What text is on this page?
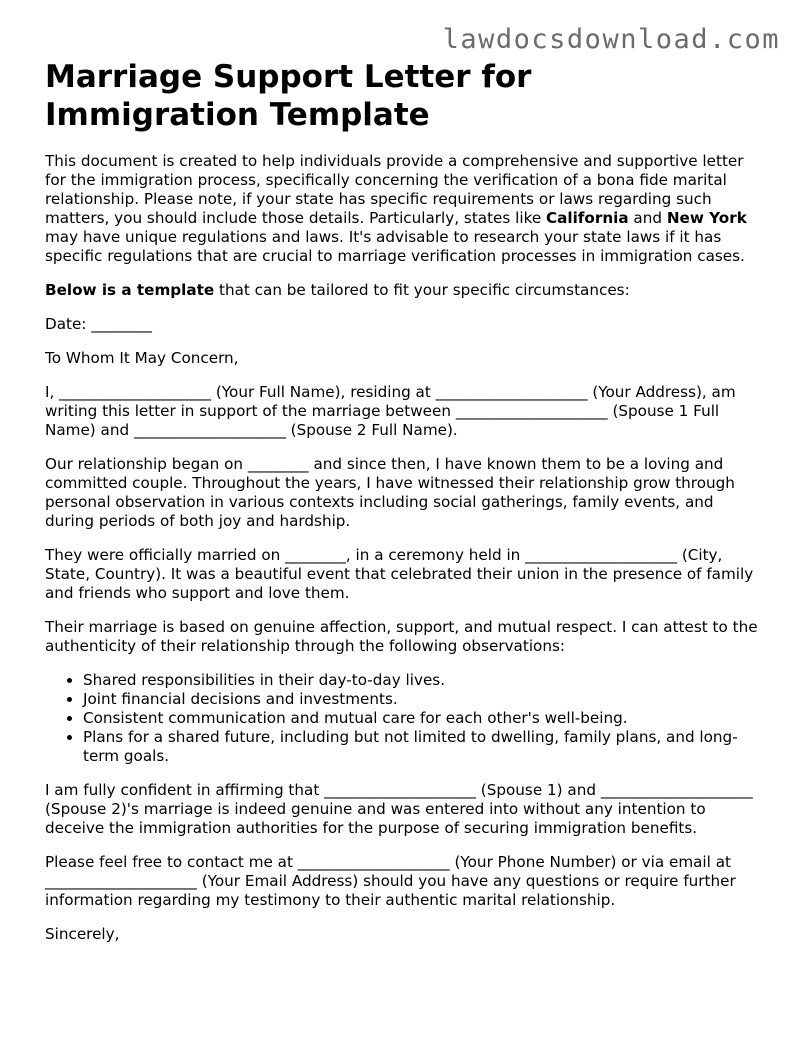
lawdocsdownload.com
Marriage Support Letter for Immigration Template

This document is created to help individuals provide a comprehensive and supportive letter for the immigration process, specifically concerning the verification of a bona fide marital relationship. Please note, if your state has specific requirements or laws regarding such matters, you should include those details. Particularly, states like California and New York may have unique regulations and laws. It's advisable to research your state laws if it has specific regulations that are crucial to marriage verification processes in immigration cases.

Below is a template that can be tailored to fit your specific circumstances:

Date: ________

To Whom It May Concern,

I, ____________________ (Your Full Name), residing at ____________________ (Your Address), am writing this letter in support of the marriage between ____________________ (Spouse 1 Full Name) and ____________________ (Spouse 2 Full Name).

Our relationship began on ________ and since then, I have known them to be a loving and committed couple. Throughout the years, I have witnessed their relationship grow through personal observation in various contexts including social gatherings, family events, and during periods of both joy and hardship.

They were officially married on ________, in a ceremony held in ____________________ (City, State, Country). It was a beautiful event that celebrated their union in the presence of family and friends who support and love them.

Their marriage is based on genuine affection, support, and mutual respect. I can attest to the authenticity of their relationship through the following observations:

• Shared responsibilities in their day-to-day lives.
• Joint financial decisions and investments.
• Consistent communication and mutual care for each other's well-being.
• Plans for a shared future, including but not limited to dwelling, family plans, and long-term goals.

I am fully confident in affirming that ____________________ (Spouse 1) and ____________________ (Spouse 2)'s marriage is indeed genuine and was entered into without any intention to deceive the immigration authorities for the purpose of securing immigration benefits.

Please feel free to contact me at ____________________ (Your Phone Number) or via email at ____________________ (Your Email Address) should you have any questions or require further information regarding my testimony to their authentic marital relationship.

Sincerely,
